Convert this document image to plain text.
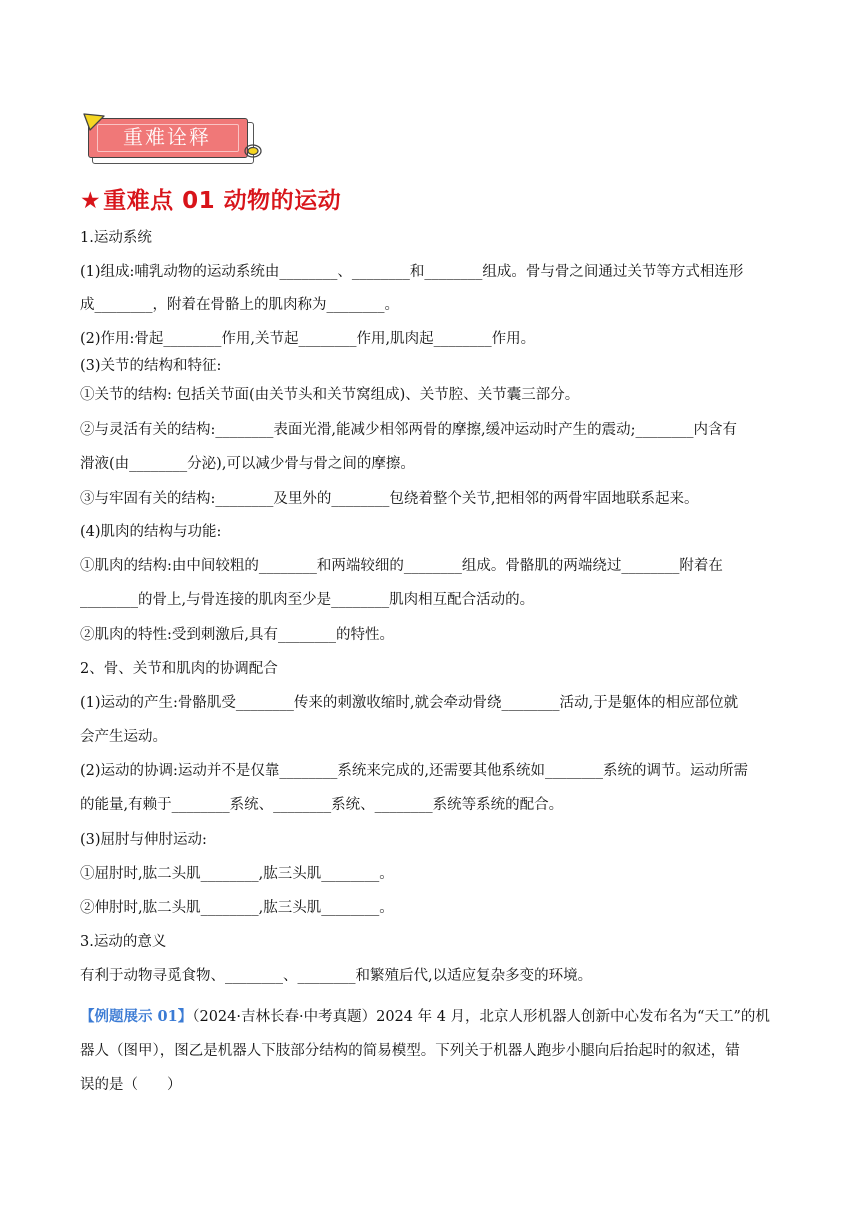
重难诠释
★重难点 01 动物的运动
1.运动系统
(1)组成:哺乳动物的运动系统由________、________和________组成。骨与骨之间通过关节等方式相连形
成________，附着在骨骼上的肌肉称为________。
(2)作用:骨起________作用,关节起________作用,肌肉起________作用。
(3)关节的结构和特征:
①关节的结构: 包括关节面(由关节头和关节窝组成)、关节腔、关节囊三部分。
②与灵活有关的结构:________表面光滑,能减少相邻两骨的摩擦,缓冲运动时产生的震动;________内含有
滑液(由________分泌),可以减少骨与骨之间的摩擦。
③与牢固有关的结构:________及里外的________包绕着整个关节,把相邻的两骨牢固地联系起来。
(4)肌肉的结构与功能:
①肌肉的结构:由中间较粗的________和两端较细的________组成。骨骼肌的两端绕过________附着在
________的骨上,与骨连接的肌肉至少是________肌肉相互配合活动的。
②肌肉的特性:受到刺激后,具有________的特性。
2、骨、关节和肌肉的协调配合
(1)运动的产生:骨骼肌受________传来的刺激收缩时,就会牵动骨绕________活动,于是躯体的相应部位就
会产生运动。
(2)运动的协调:运动并不是仅靠________系统来完成的,还需要其他系统如________系统的调节。运动所需
的能量,有赖于________系统、________系统、________系统等系统的配合。
(3)屈肘与伸肘运动:
①屈肘时,肱二头肌________,肱三头肌________。
②伸肘时,肱二头肌________,肱三头肌________。
3.运动的意义
有利于动物寻觅食物、________、________和繁殖后代,以适应复杂多变的环境。
【例题展示 01】（2024·吉林长春·中考真题）2024 年 4 月，北京人形机器人创新中心发布名为“天工”的机
器人（图甲），图乙是机器人下肢部分结构的简易模型。下列关于机器人跑步小腿向后抬起时的叙述，错
误的是（　　）
